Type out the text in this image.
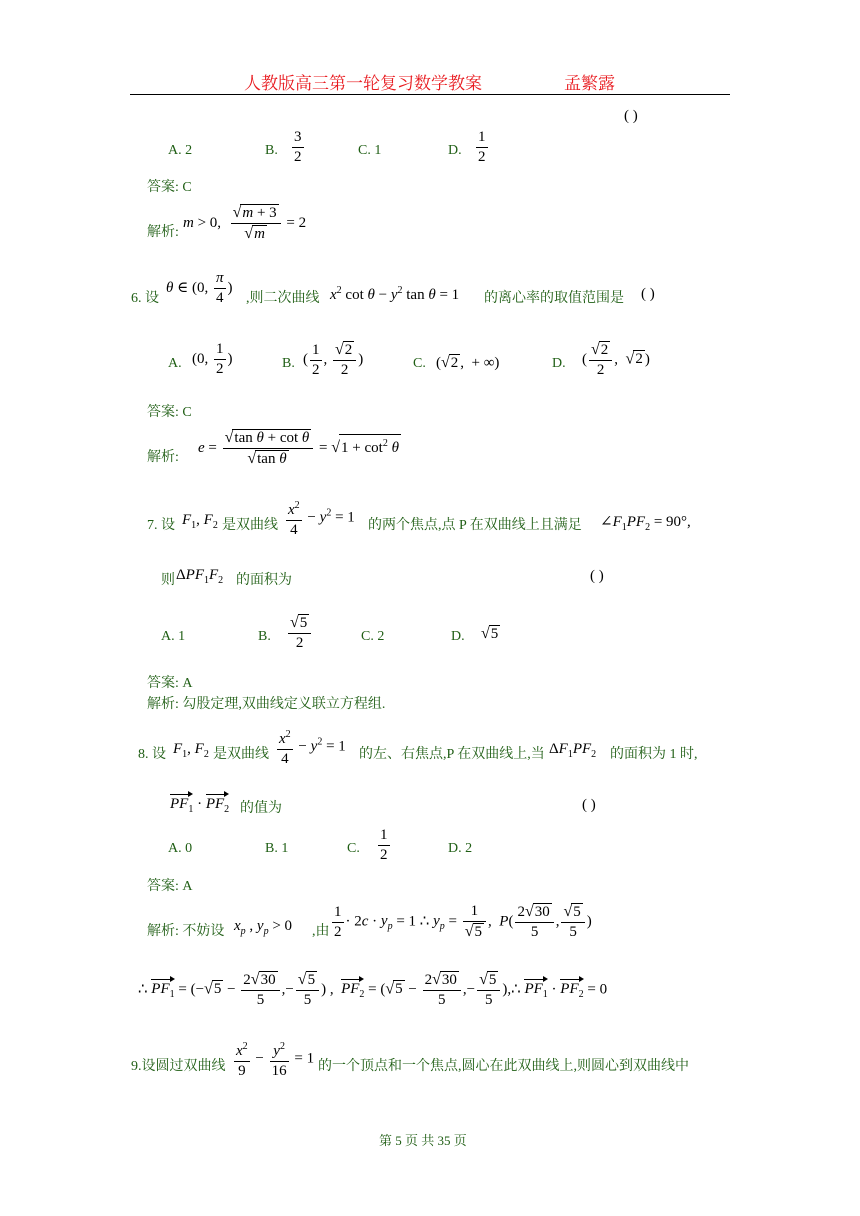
人教版高三第一轮复习数学教案	孟繁露
( )
A. 2	B. $\frac{3}{2}$	C. 1	D. $\frac{1}{2}$
答案: C
解析:
m > 0, $\frac{√m + 3}{√m} = 2$
6. 设
θ ∈ (0, $\frac{\pi}{4}$ )
,则二次曲线 $x^2$ $\cot \theta - y^2$ tan θ = 1 的离心率的取值范围是 ( )
A. (0, $\frac{1}{2}$ )	B. ( $\frac{1}{2}$ , $\frac{√2}{2}$ )	C. (√2 ,  + ∞)	D. ( $\frac{√2}{2}$ ,  √2 )
答案: C
解析:
$e = \frac{\text{√tan θ + cot θ}}{\text{√tan θ}} = √1 + \cot^2 \theta$
7. 设 $F_1$, $F_2$ 是双曲线 $\frac{x^2}{4} - y^2 = 1$
的两个焦点,点 P 在双曲线上且满足 $\angle F_1PF_2 = 90^\circ$,
则 $\Delta PF_1F_2$ 的面积为	( )
A. 1	B. $\frac{√5}{2}$	C. 2	D. √5
答案: A
解析: 勾股定理,双曲线定义联立方程组.
8. 设 $F_1$, $F_2$ 是双曲线 $\frac{x^2}{4} - y^2 = 1$
的左、右焦点,P 在双曲线上,当 $\Delta F_1PF_2$ 的面积为 1 时,
$PF_1 \cdot PF_2$ 的值为	( )
A. 0	B. 1	C. $\frac{1}{2}$	D. 2
答案: A
解析: 不妨设 $x_p$ , $y_p > 0$ ,由 $\frac{1}{2} \cdot 2c \cdot y_p = 1$ ∴ $y_p = \frac{1}{√5}$ ,  $P( \frac{2√30}{5}$ , $\frac{√5}{5}$ )
∴ $PF_1 = (-√5 - \frac{2√30}{5}$ ,− $\frac{√5}{5}$ ) ,  $PF_2 = (√5 - \frac{2√30}{5}$ ,− $\frac{√5}{5}$ ),∴ $PF_1 \cdot PF_2 = 0$
9.设圆过双曲线 $\frac{x^2}{9} - \frac{y^2}{16} = 1$
的一个顶点和一个焦点,圆心在此双曲线上,则圆心到双曲线中
第 5 页 共 35 页
